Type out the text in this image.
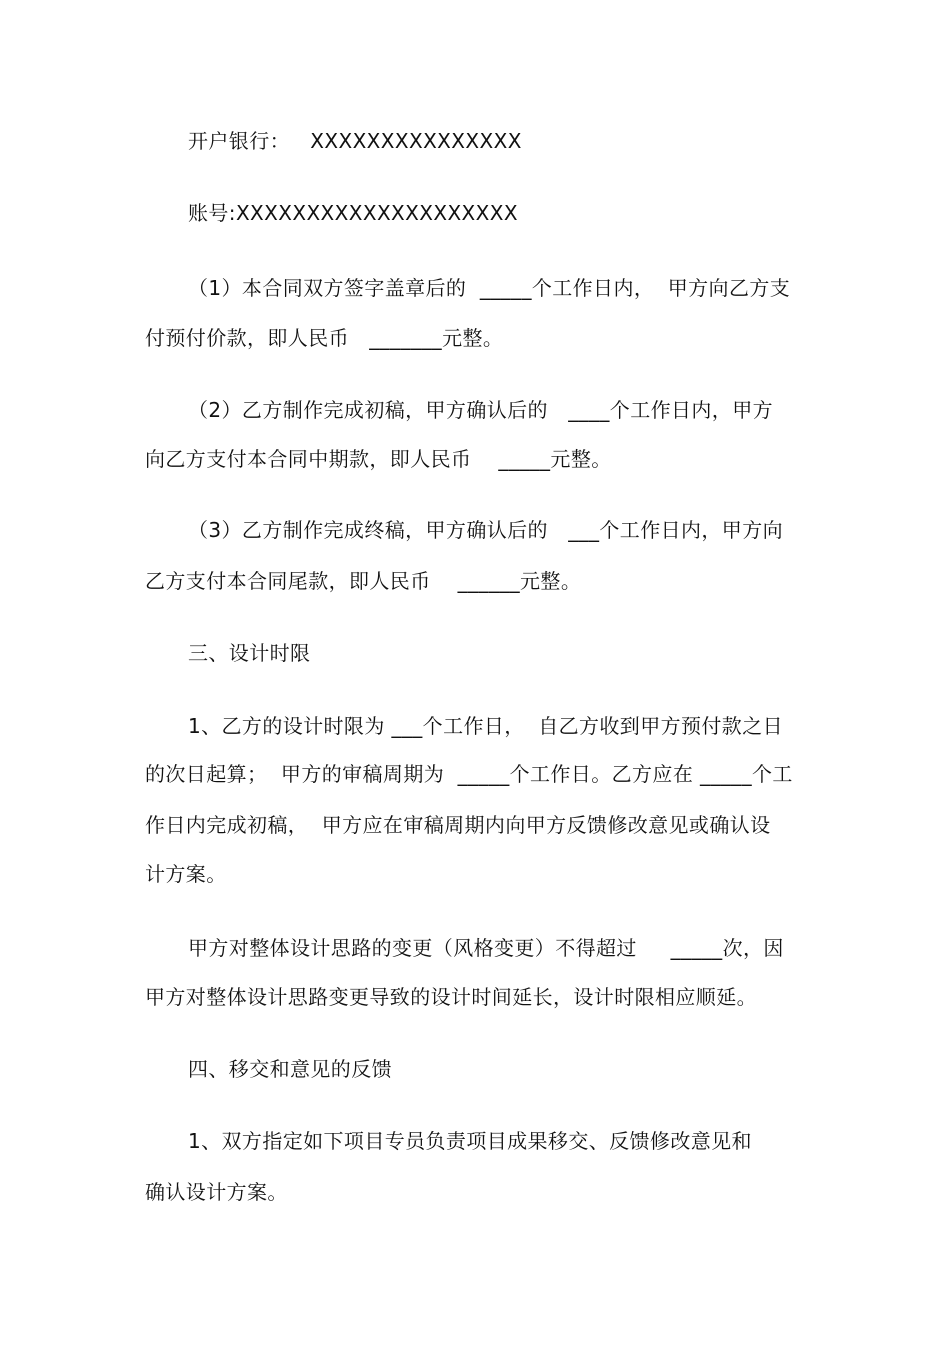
开户银行：   XXXXXXXXXXXXXXX
账号:XXXXXXXXXXXXXXXXXXXX
（1）本合同双方签字盖章后的  _____个工作日内，  甲方向乙方支
付预付价款，即人民币   _______元整。
（2）乙方制作完成初稿，甲方确认后的   ____个工作日内，甲方
向乙方支付本合同中期款，即人民币    _____元整。
（3）乙方制作完成终稿，甲方确认后的   ___个工作日内，甲方向
乙方支付本合同尾款，即人民币    ______元整。
三、设计时限
1、乙方的设计时限为 ___个工作日，  自乙方收到甲方预付款之日
的次日起算；  甲方的审稿周期为  _____个工作日。乙方应在 _____个工
作日内完成初稿，  甲方应在审稿周期内向甲方反馈修改意见或确认设
计方案。
甲方对整体设计思路的变更（风格变更）不得超过     _____次，因
甲方对整体设计思路变更导致的设计时间延长，设计时限相应顺延。
四、移交和意见的反馈
1、双方指定如下项目专员负责项目成果移交、反馈修改意见和
确认设计方案。
